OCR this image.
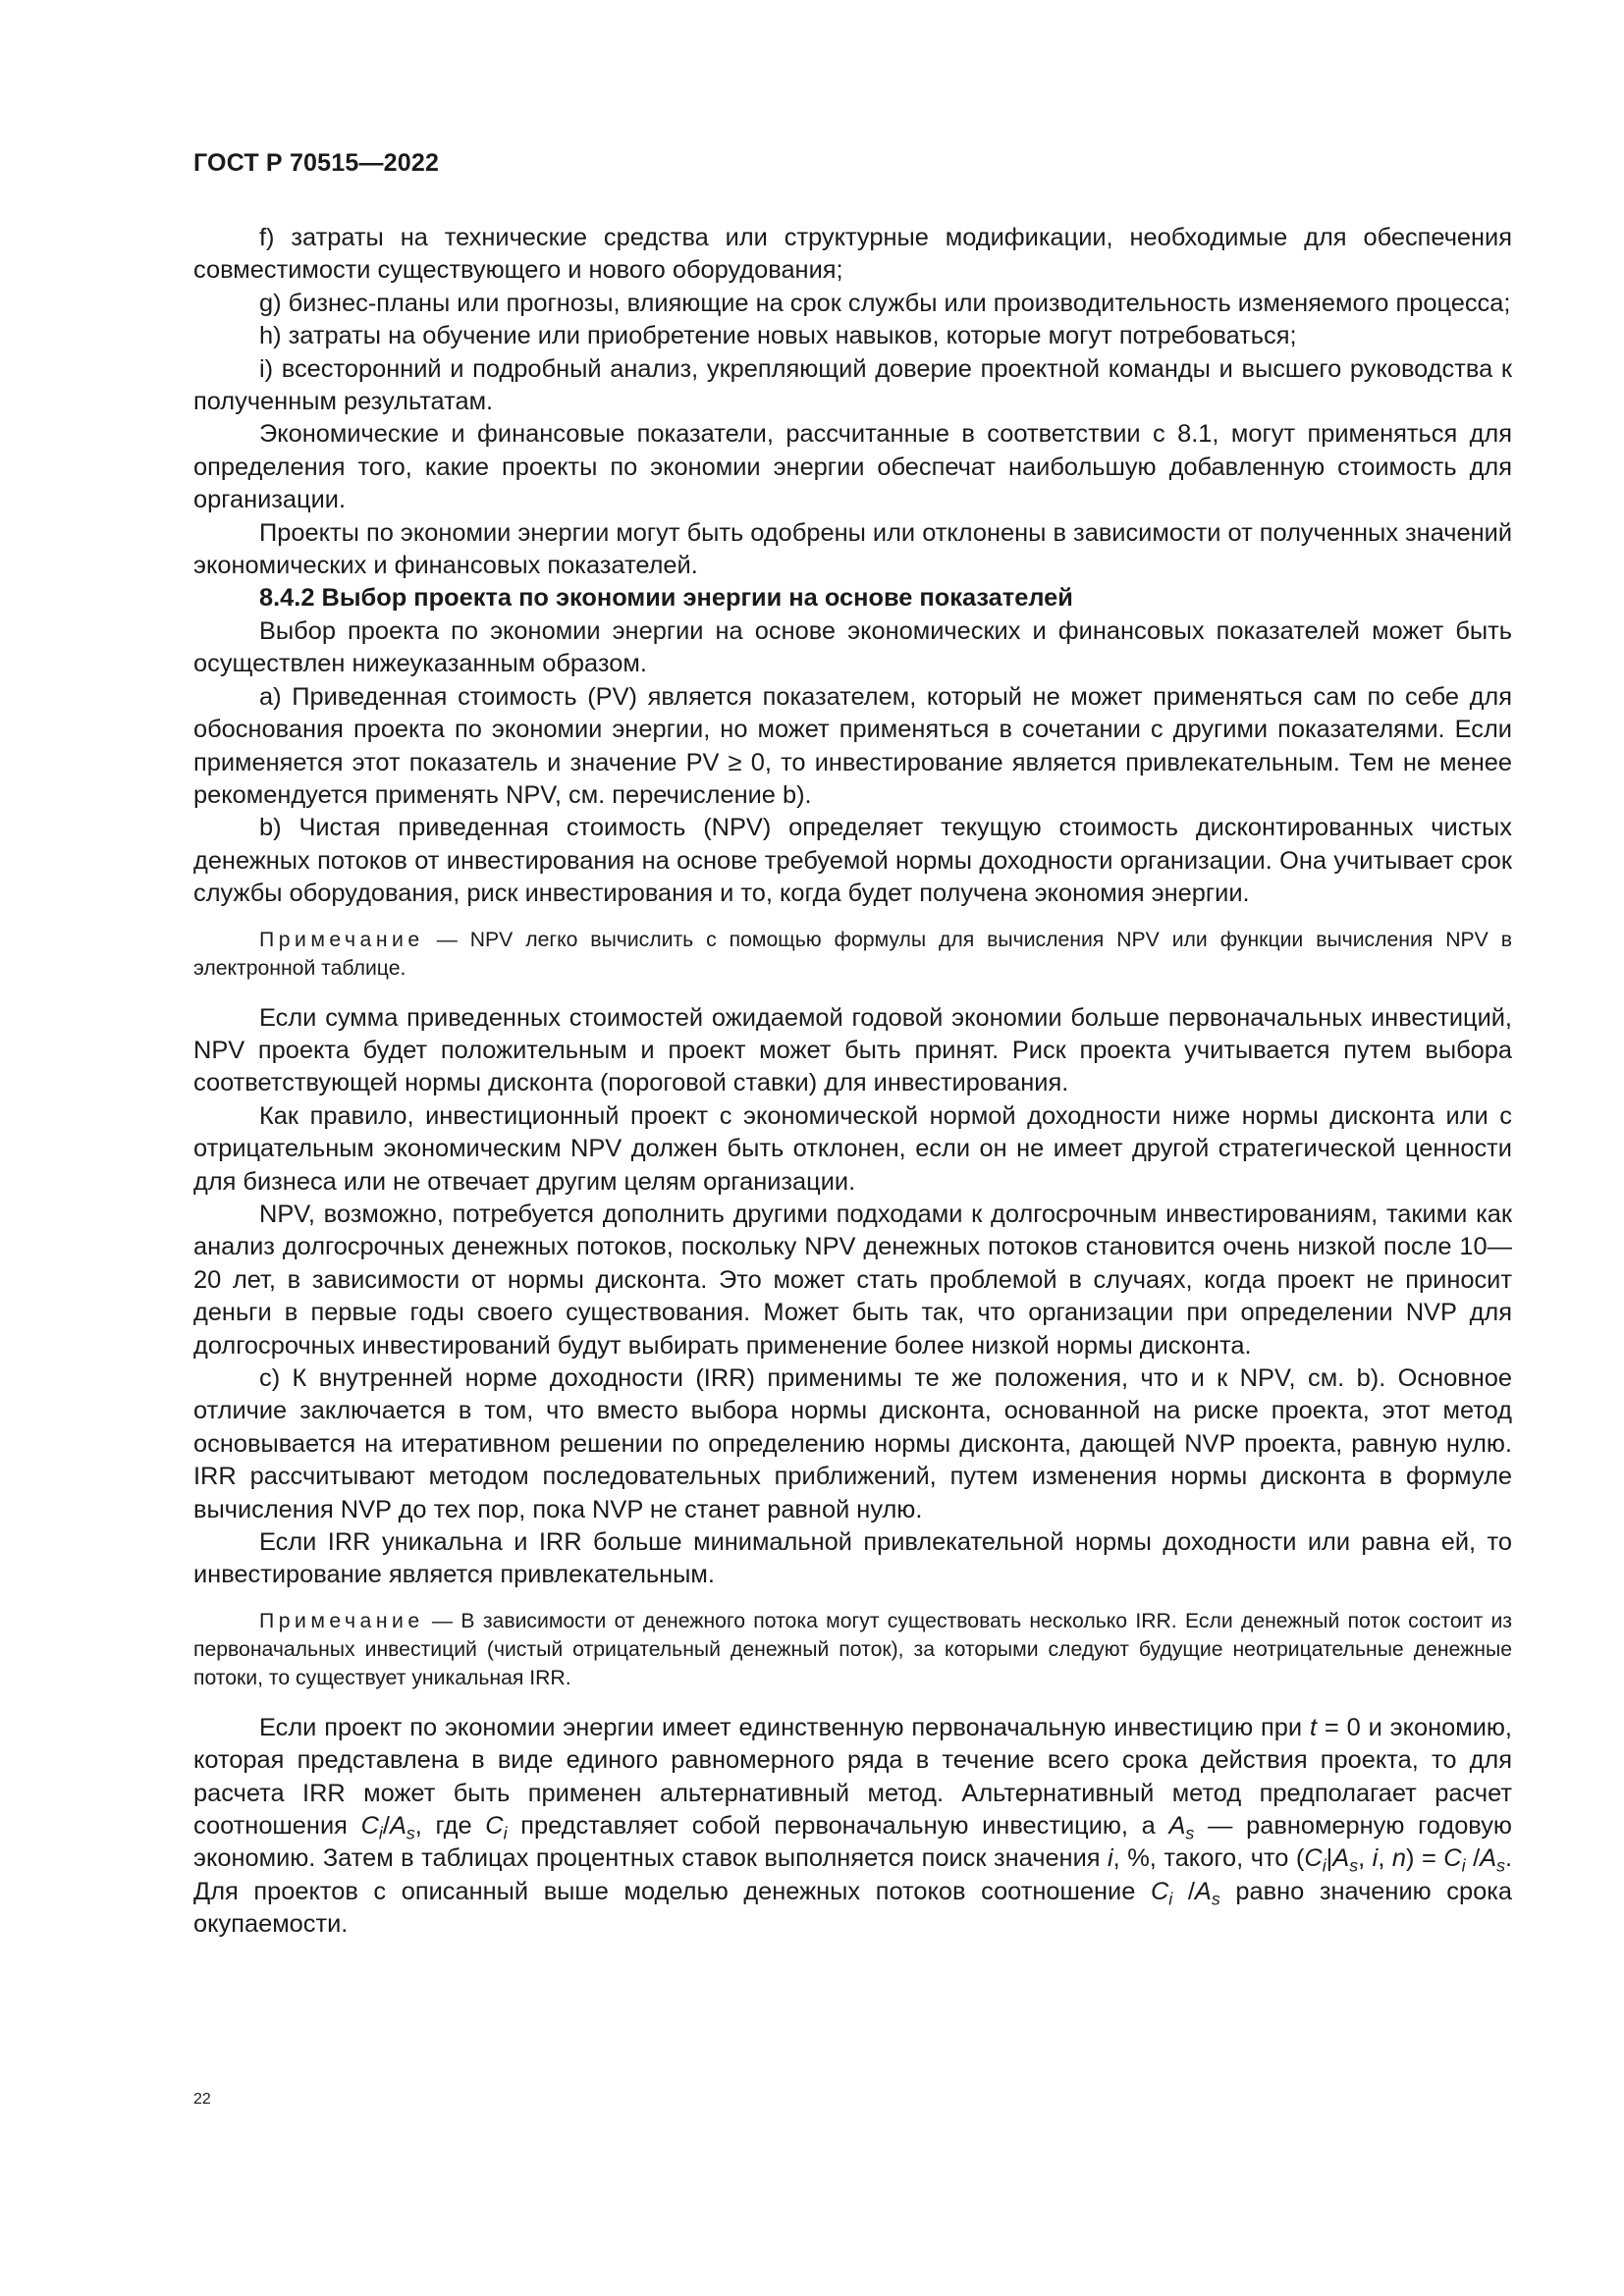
ГОСТ Р 70515—2022

f) затраты на технические средства или структурные модификации, необходимые для обеспечения совместимости существующего и нового оборудования;

g) бизнес-планы или прогнозы, влияющие на срок службы или производительность изменяемого процесса;

h) затраты на обучение или приобретение новых навыков, которые могут потребоваться;

i) всесторонний и подробный анализ, укрепляющий доверие проектной команды и высшего руководства к полученным результатам.

Экономические и финансовые показатели, рассчитанные в соответствии с 8.1, могут применяться для определения того, какие проекты по экономии энергии обеспечат наибольшую добавленную стоимость для организации.

Проекты по экономии энергии могут быть одобрены или отклонены в зависимости от полученных значений экономических и финансовых показателей.

8.4.2 Выбор проекта по экономии энергии на основе показателей

Выбор проекта по экономии энергии на основе экономических и финансовых показателей может быть осуществлен нижеуказанным образом.

а) Приведенная стоимость (PV) является показателем, который не может применяться сам по себе для обоснования проекта по экономии энергии, но может применяться в сочетании с другими показателями. Если применяется этот показатель и значение PV ≥ 0, то инвестирование является привлекательным. Тем не менее рекомендуется применять NPV, см. перечисление b).

b) Чистая приведенная стоимость (NPV) определяет текущую стоимость дисконтированных чистых денежных потоков от инвестирования на основе требуемой нормы доходности организации. Она учитывает срок службы оборудования, риск инвестирования и то, когда будет получена экономия энергии.

Примечание — NPV легко вычислить с помощью формулы для вычисления NPV или функции вычисления NPV в электронной таблице.

Если сумма приведенных стоимостей ожидаемой годовой экономии больше первоначальных инвестиций, NPV проекта будет положительным и проект может быть принят. Риск проекта учитывается путем выбора соответствующей нормы дисконта (пороговой ставки) для инвестирования.

Как правило, инвестиционный проект с экономической нормой доходности ниже нормы дисконта или с отрицательным экономическим NPV должен быть отклонен, если он не имеет другой стратегической ценности для бизнеса или не отвечает другим целям организации.

NPV, возможно, потребуется дополнить другими подходами к долгосрочным инвестированиям, такими как анализ долгосрочных денежных потоков, поскольку NPV денежных потоков становится очень низкой после 10—20 лет, в зависимости от нормы дисконта. Это может стать проблемой в случаях, когда проект не приносит деньги в первые годы своего существования. Может быть так, что организации при определении NVP для долгосрочных инвестирований будут выбирать применение более низкой нормы дисконта.

с) К внутренней норме доходности (IRR) применимы те же положения, что и к NPV, см. b). Основное отличие заключается в том, что вместо выбора нормы дисконта, основанной на риске проекта, этот метод основывается на итеративном решении по определению нормы дисконта, дающей NVP проекта, равную нулю. IRR рассчитывают методом последовательных приближений, путем изменения нормы дисконта в формуле вычисления NVP до тех пор, пока NVP не станет равной нулю.

Если IRR уникальна и IRR больше минимальной привлекательной нормы доходности или равна ей, то инвестирование является привлекательным.

Примечание — В зависимости от денежного потока могут существовать несколько IRR. Если денежный поток состоит из первоначальных инвестиций (чистый отрицательный денежный поток), за которыми следуют будущие неотрицательные денежные потоки, то существует уникальная IRR.

Если проект по экономии энергии имеет единственную первоначальную инвестицию при t = 0 и экономию, которая представлена в виде единого равномерного ряда в течение всего срока действия проекта, то для расчета IRR может быть применен альтернативный метод. Альтернативный метод предполагает расчет соотношения $C_i/A_s$, где $C_i$ представляет собой первоначальную инвестицию, а $A_s$ — равномерную годовую экономию. Затем в таблицах процентных ставок выполняется поиск значения i, %, такого, что ($C_i|A_s$, i, $n) = C_i$ $/A_s$. Для проектов с описанный выше моделью денежных потоков соотношение $C_i$ $/A_s$ равно значению срока окупаемости.

22
